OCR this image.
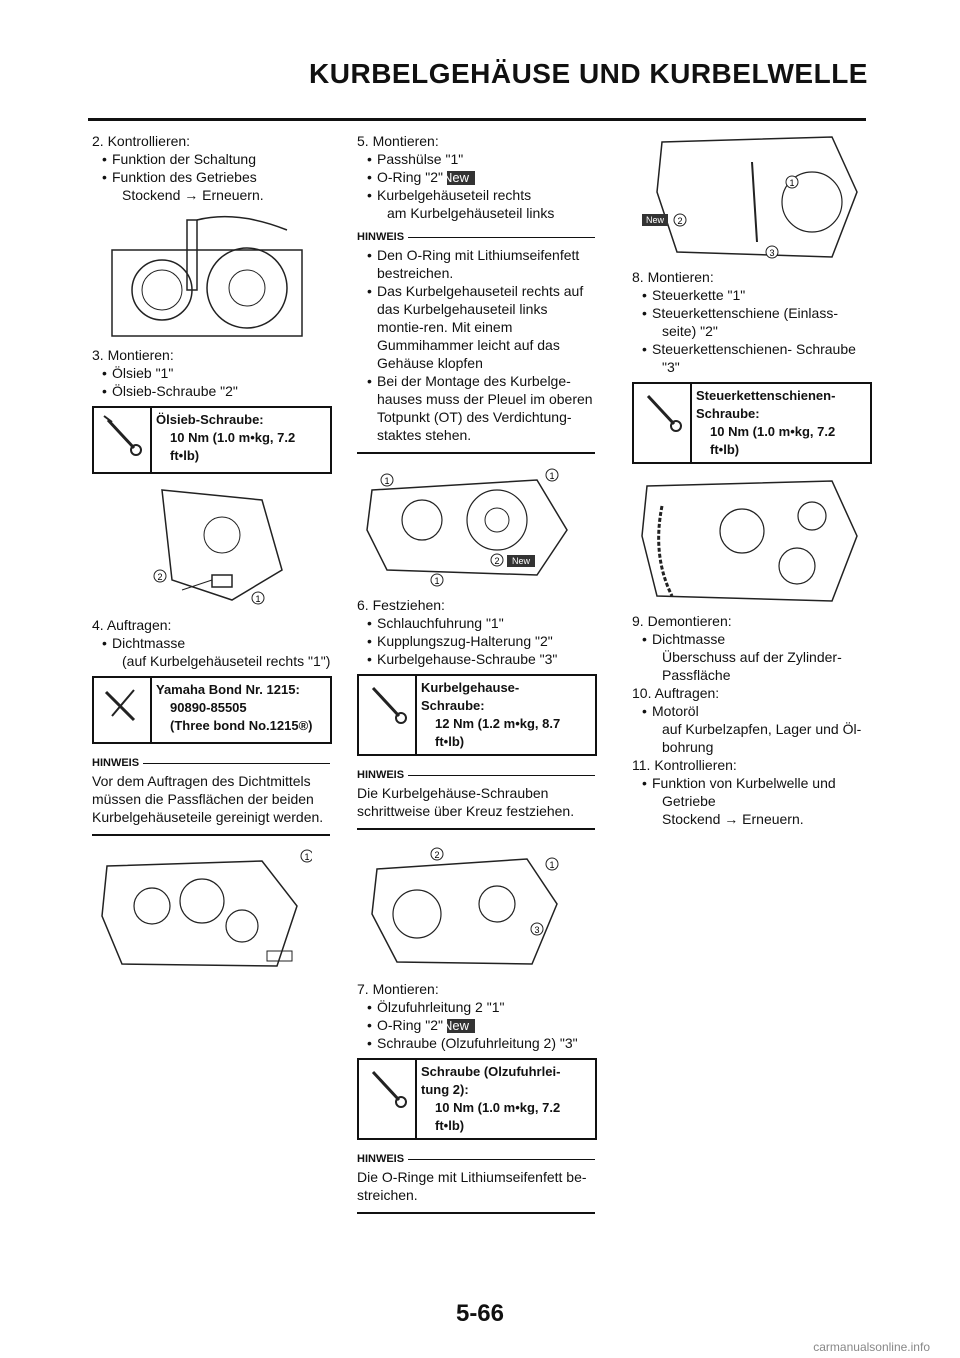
KURBELGEHÄUSE UND KURBELWELLE

2. Kontrollieren:

• Funktion der Schaltung

• Funktion des Getriebes

Stockend → Erneuern.

3. Montieren:

• Ölsieb "1"

• Ölsieb-Schraube "2"

Ölsieb-Schraube:
10 Nm (1.0 m•kg, 7.2
ft•lb)
2
1

4. Auftragen:

• Dichtmasse

(auf Kurbelgehäuseteil rechts "1")

Yamaha Bond Nr. 1215:
90890-85505
(Three bond No.1215®)
HINWEIS
Vor dem Auftragen des Dichtmittels müssen die Passflächen der beiden Kurbelgehäuseteile gereinigt werden.
1

5. Montieren:

• Passhülse "1"

• O-Ring "2"New

• Kurbelgehäuseteil rechts

am Kurbelgehäuseteil links

HINWEIS

• Den O-Ring mit Lithiumseifenfett bestreichen.

• Das Kurbelgehauseteil rechts auf das Kurbelgehauseteil links montie-ren. Mit einem Gummihammer leicht auf das Gehäuse klopfen

• Bei der Montage des Kurbelge-hauses muss der Pleuel im oberen Totpunkt (OT) des Verdichtung-staktes stehen.

1	1
1
2 New

6. Festziehen:

• Schlauchfuhrung "1"

• Kupplungszug-Halterung "2"

• Kurbelgehause-Schraube "3"

Kurbelgehause-
Schraube:
12 Nm (1.2 m•kg, 8.7
ft•lb)
HINWEIS
Die Kurbelgehäuse-Schrauben schrittweise über Kreuz festziehen.
2
1
3

7. Montieren:

• Ölzufuhrleitung 2 "1"

• O-Ring "2"New

• Schraube (Olzufuhrleitung 2) "3"

Schraube (Olzufuhrlei-
tung 2):
10 Nm (1.0 m•kg, 7.2
ft•lb)
HINWEIS
Die O-Ringe mit Lithiumseifenfett be-streichen.
1
2
3
New

8. Montieren:

• Steuerkette "1"

• Steuerkettenschiene (Einlass-

seite) "2"

• Steuerkettenschienen- Schraube

"3"

Steuerkettenschienen-
Schraube:
10 Nm (1.0 m•kg, 7.2
ft•lb)

9. Demontieren:

• Dichtmasse

Überschuss auf der Zylinder-

Passfläche

10. Auftragen:

• Motoröl

auf Kurbelzapfen, Lager und Öl-

bohrung

11. Kontrollieren:

• Funktion von Kurbelwelle und

Getriebe

Stockend → Erneuern.

5-66
carmanualsonline.info
